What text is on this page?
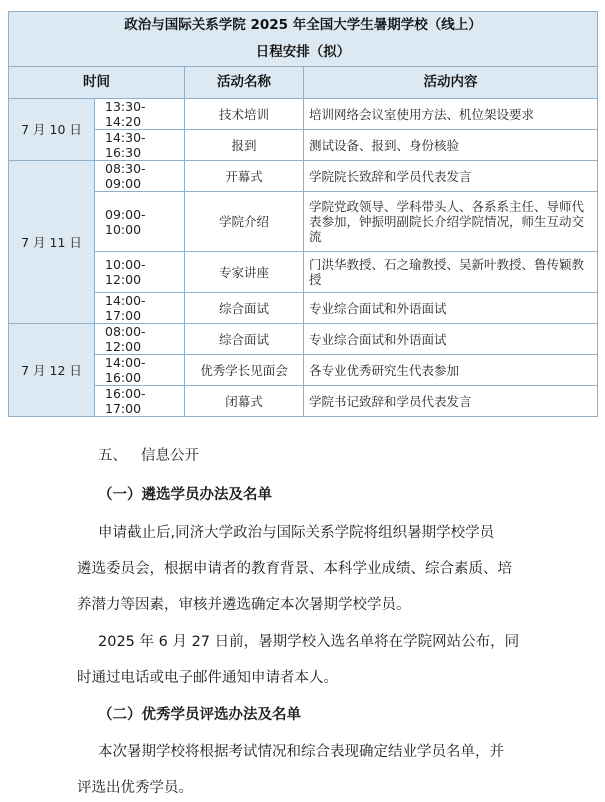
政治与国际关系学院 2025 年全国大学生暑期学校（线上）			
日程安排（拟）			
时间		活动名称	活动内容
7 月 10 日	13:30-14:20	技术培训	培训网络会议室使用方法、机位架设要求
	14:30-16:30	报到	测试设备、报到、身份核验
7 月 11 日	08:30-09:00	开幕式	学院院长致辞和学员代表发言
	09:00-10:00	学院介绍	学院党政领导、学科带头人、各系系主任、导师代表参加，钟振明副院长介绍学院情况，师生互动交流
	10:00-12:00	专家讲座	门洪华教授、石之瑜教授、吴新叶教授、鲁传颖教授
	14:00-17:00	综合面试	专业综合面试和外语面试
7 月 12 日	08:00-12:00	综合面试	专业综合面试和外语面试
	14:00-16:00	优秀学长见面会	各专业优秀研究生代表参加
	16:00-17:00	闭幕式	学院书记致辞和学员代表发言
五、 信息公开
（一）遴选学员办法及名单
申请截止后,同济大学政治与国际关系学院将组织暑期学校学员
遴选委员会，根据申请者的教育背景、本科学业成绩、综合素质、培
养潜力等因素，审核并遴选确定本次暑期学校学员。
2025 年 6 月 27 日前，暑期学校入选名单将在学院网站公布，同
时通过电话或电子邮件通知申请者本人。
（二）优秀学员评选办法及名单
本次暑期学校将根据考试情况和综合表现确定结业学员名单，并
评选出优秀学员。
